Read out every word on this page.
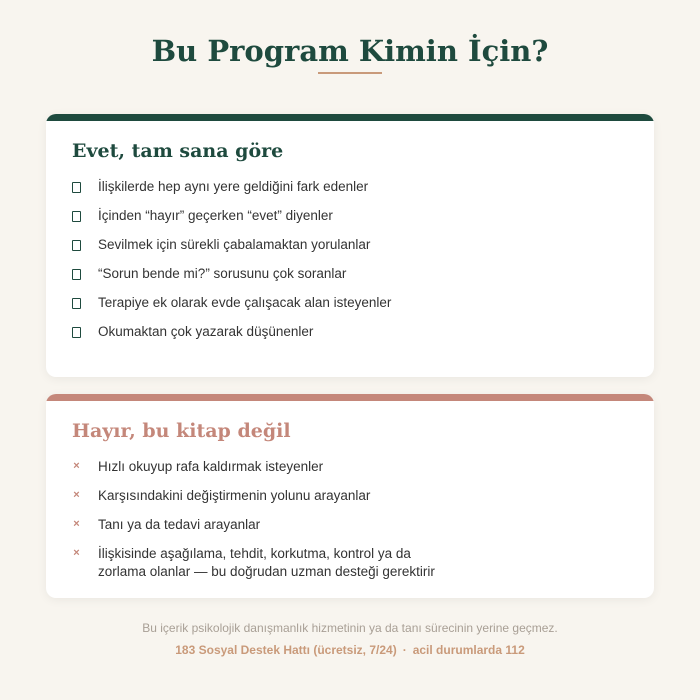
Bu Program Kimin İçin?
Evet, tam sana göre
İlişkilerde hep aynı yere geldiğini fark edenler
İçinden “hayır” geçerken “evet” diyenler
Sevilmek için sürekli çabalamaktan yorulanlar
“Sorun bende mi?” sorusunu çok soranlar
Terapiye ek olarak evde çalışacak alan isteyenler
Okumaktan çok yazarak düşünenler
Hayır, bu kitap değil
× Hızlı okuyup rafa kaldırmak isteyenler
× Karşısındakini değiştirmenin yolunu arayanlar
× Tanı ya da tedavi arayanlar
× İlişkisinde aşağılama, tehdit, korkutma, kontrol ya da zorlama olanlar — bu doğrudan uzman desteği gerektirir

Bu içerik psikolojik danışmanlık hizmetinin ya da tanı sürecinin yerine geçmez.

183 Sosyal Destek Hattı (ücretsiz, 7/24) · acil durumlarda 112
